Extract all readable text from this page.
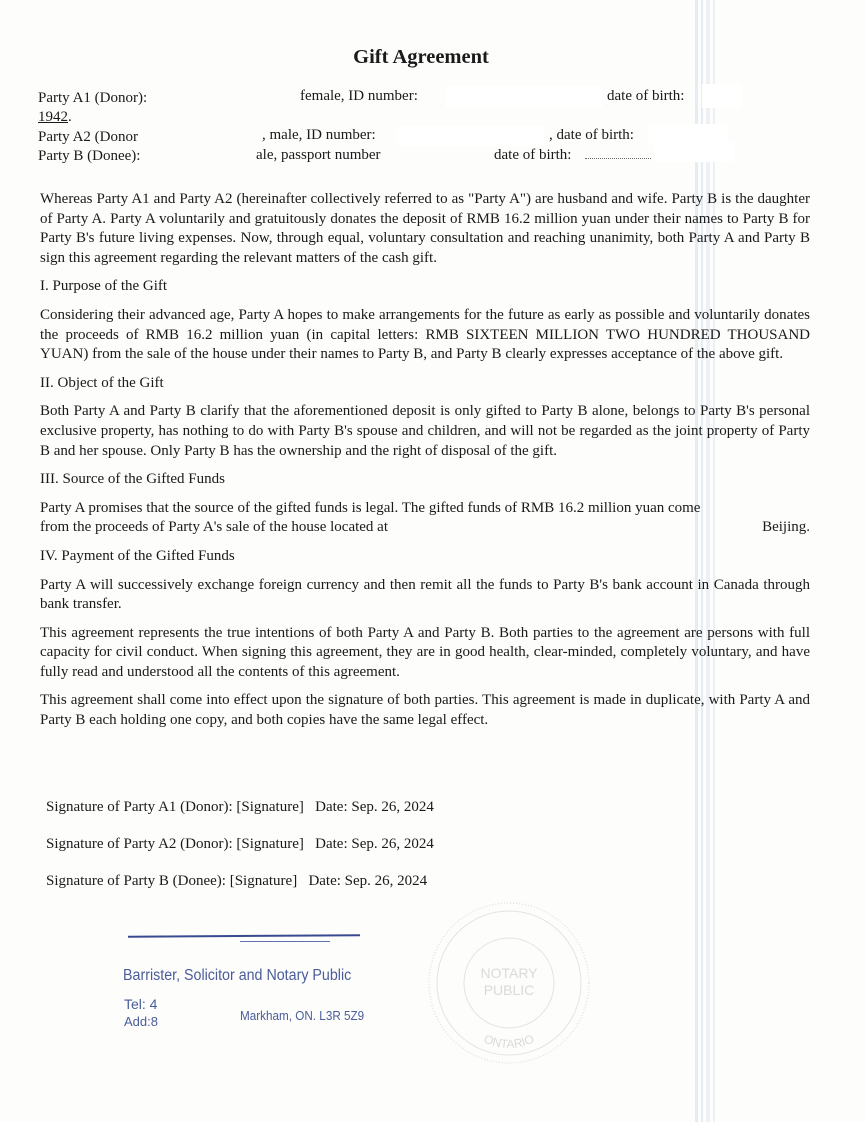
Gift Agreement
Party A1 (Donor):	female, ID number:	date of birth:
1942.
Party A2 (Donor	, male, ID number:	, date of birth:
Party B (Donee):	ale, passport number	date of birth:

Whereas Party A1 and Party A2 (hereinafter collectively referred to as "Party A") are husband and wife. Party B is the daughter of Party A. Party A voluntarily and gratuitously donates the deposit of RMB 16.2 million yuan under their names to Party B for Party B's future living expenses. Now, through equal, voluntary consultation and reaching unanimity, both Party A and Party B sign this agreement regarding the relevant matters of the cash gift.

I. Purpose of the Gift

Considering their advanced age, Party A hopes to make arrangements for the future as early as possible and voluntarily donates the proceeds of RMB 16.2 million yuan (in capital letters: RMB SIXTEEN MILLION TWO HUNDRED THOUSAND YUAN) from the sale of the house under their names to Party B, and Party B clearly expresses acceptance of the above gift.

II. Object of the Gift

Both Party A and Party B clarify that the aforementioned deposit is only gifted to Party B alone, belongs to Party B's personal exclusive property, has nothing to do with Party B's spouse and children, and will not be regarded as the joint property of Party B and her spouse. Only Party B has the ownership and the right of disposal of the gift.

III. Source of the Gifted Funds

Party A promises that the source of the gifted funds is legal. The gifted funds of RMB 16.2 million yuan come

from the proceeds of Party A's sale of the house located at	Beijing.
IV. Payment of the Gifted Funds

Party A will successively exchange foreign currency and then remit all the funds to Party B's bank account in Canada through bank transfer.

This agreement represents the true intentions of both Party A and Party B. Both parties to the agreement are persons with full capacity for civil conduct. When signing this agreement, they are in good health, clear-minded, completely voluntary, and have fully read and understood all the contents of this agreement.

This agreement shall come into effect upon the signature of both parties. This agreement is made in duplicate, with Party A and Party B each holding one copy, and both copies have the same legal effect.

Signature of Party A1 (Donor): [Signature] Date: Sep. 26, 2024
Signature of Party A2 (Donor): [Signature] Date: Sep. 26, 2024
Signature of Party B (Donee): [Signature] Date: Sep. 26, 2024
Barrister, Solicitor and Notary Public
Tel: 4
Add:8	Markham, ON. L3R 5Z9
NOTARY
PUBLIC
ONTARIO
